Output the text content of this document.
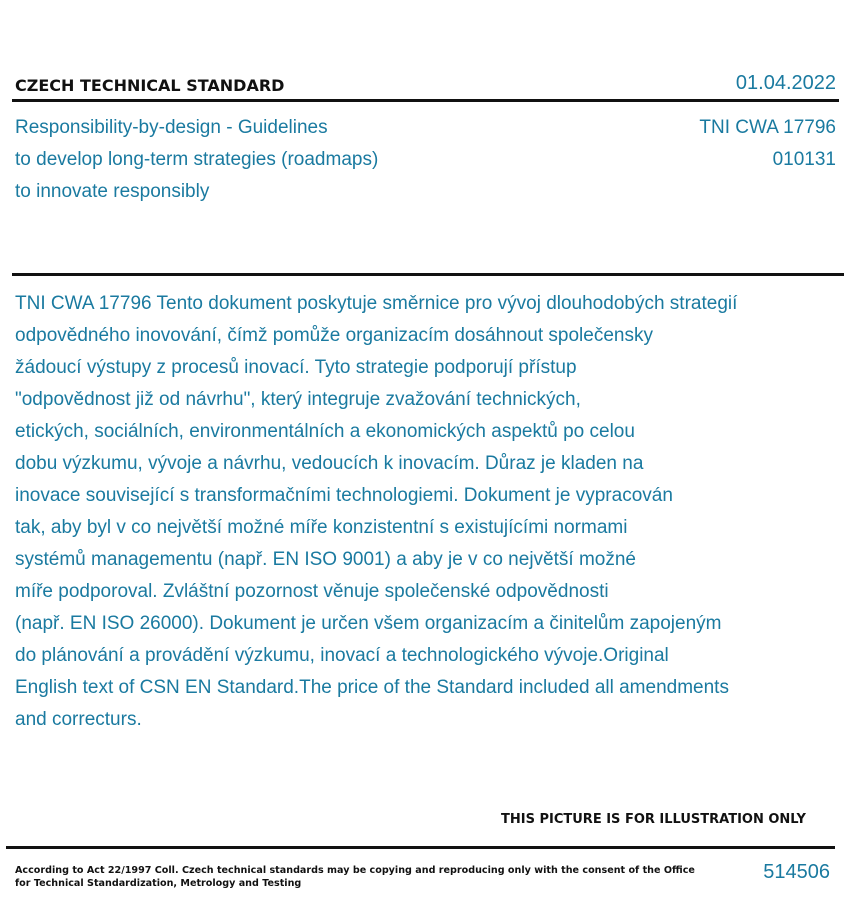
CZECH TECHNICAL STANDARD	01.04.2022
Responsibility-by-design - Guidelines
to develop long-term strategies (roadmaps)
to innovate responsibly
TNI CWA 17796
010131
TNI CWA 17796 Tento dokument poskytuje směrnice pro vývoj dlouhodobých strategií
odpovědného inovování, čímž pomůže organizacím dosáhnout společensky
žádoucí výstupy z procesů inovací. Tyto strategie podporují přístup
"odpovědnost již od návrhu", který integruje zvažování technických,
etických, sociálních, environmentálních a ekonomických aspektů po celou
dobu výzkumu, vývoje a návrhu, vedoucích k inovacím. Důraz je kladen na
inovace související s transformačními technologiemi. Dokument je vypracován
tak, aby byl v co největší možné míře konzistentní s existujícími normami
systémů managementu (např. EN ISO 9001) a aby je v co největší možné
míře podporoval. Zvláštní pozornost věnuje společenské odpovědnosti
(např. EN ISO 26000). Dokument je určen všem organizacím a činitelům zapojeným
do plánování a provádění výzkumu, inovací a technologického vývoje.Original
English text of CSN EN Standard.The price of the Standard included all amendments
and correcturs.
THIS PICTURE IS FOR ILLUSTRATION ONLY
According to Act 22/1997 Coll. Czech technical standards may be copying and reproducing only with the consent of the Office
for Technical Standardization, Metrology and Testing
514506
